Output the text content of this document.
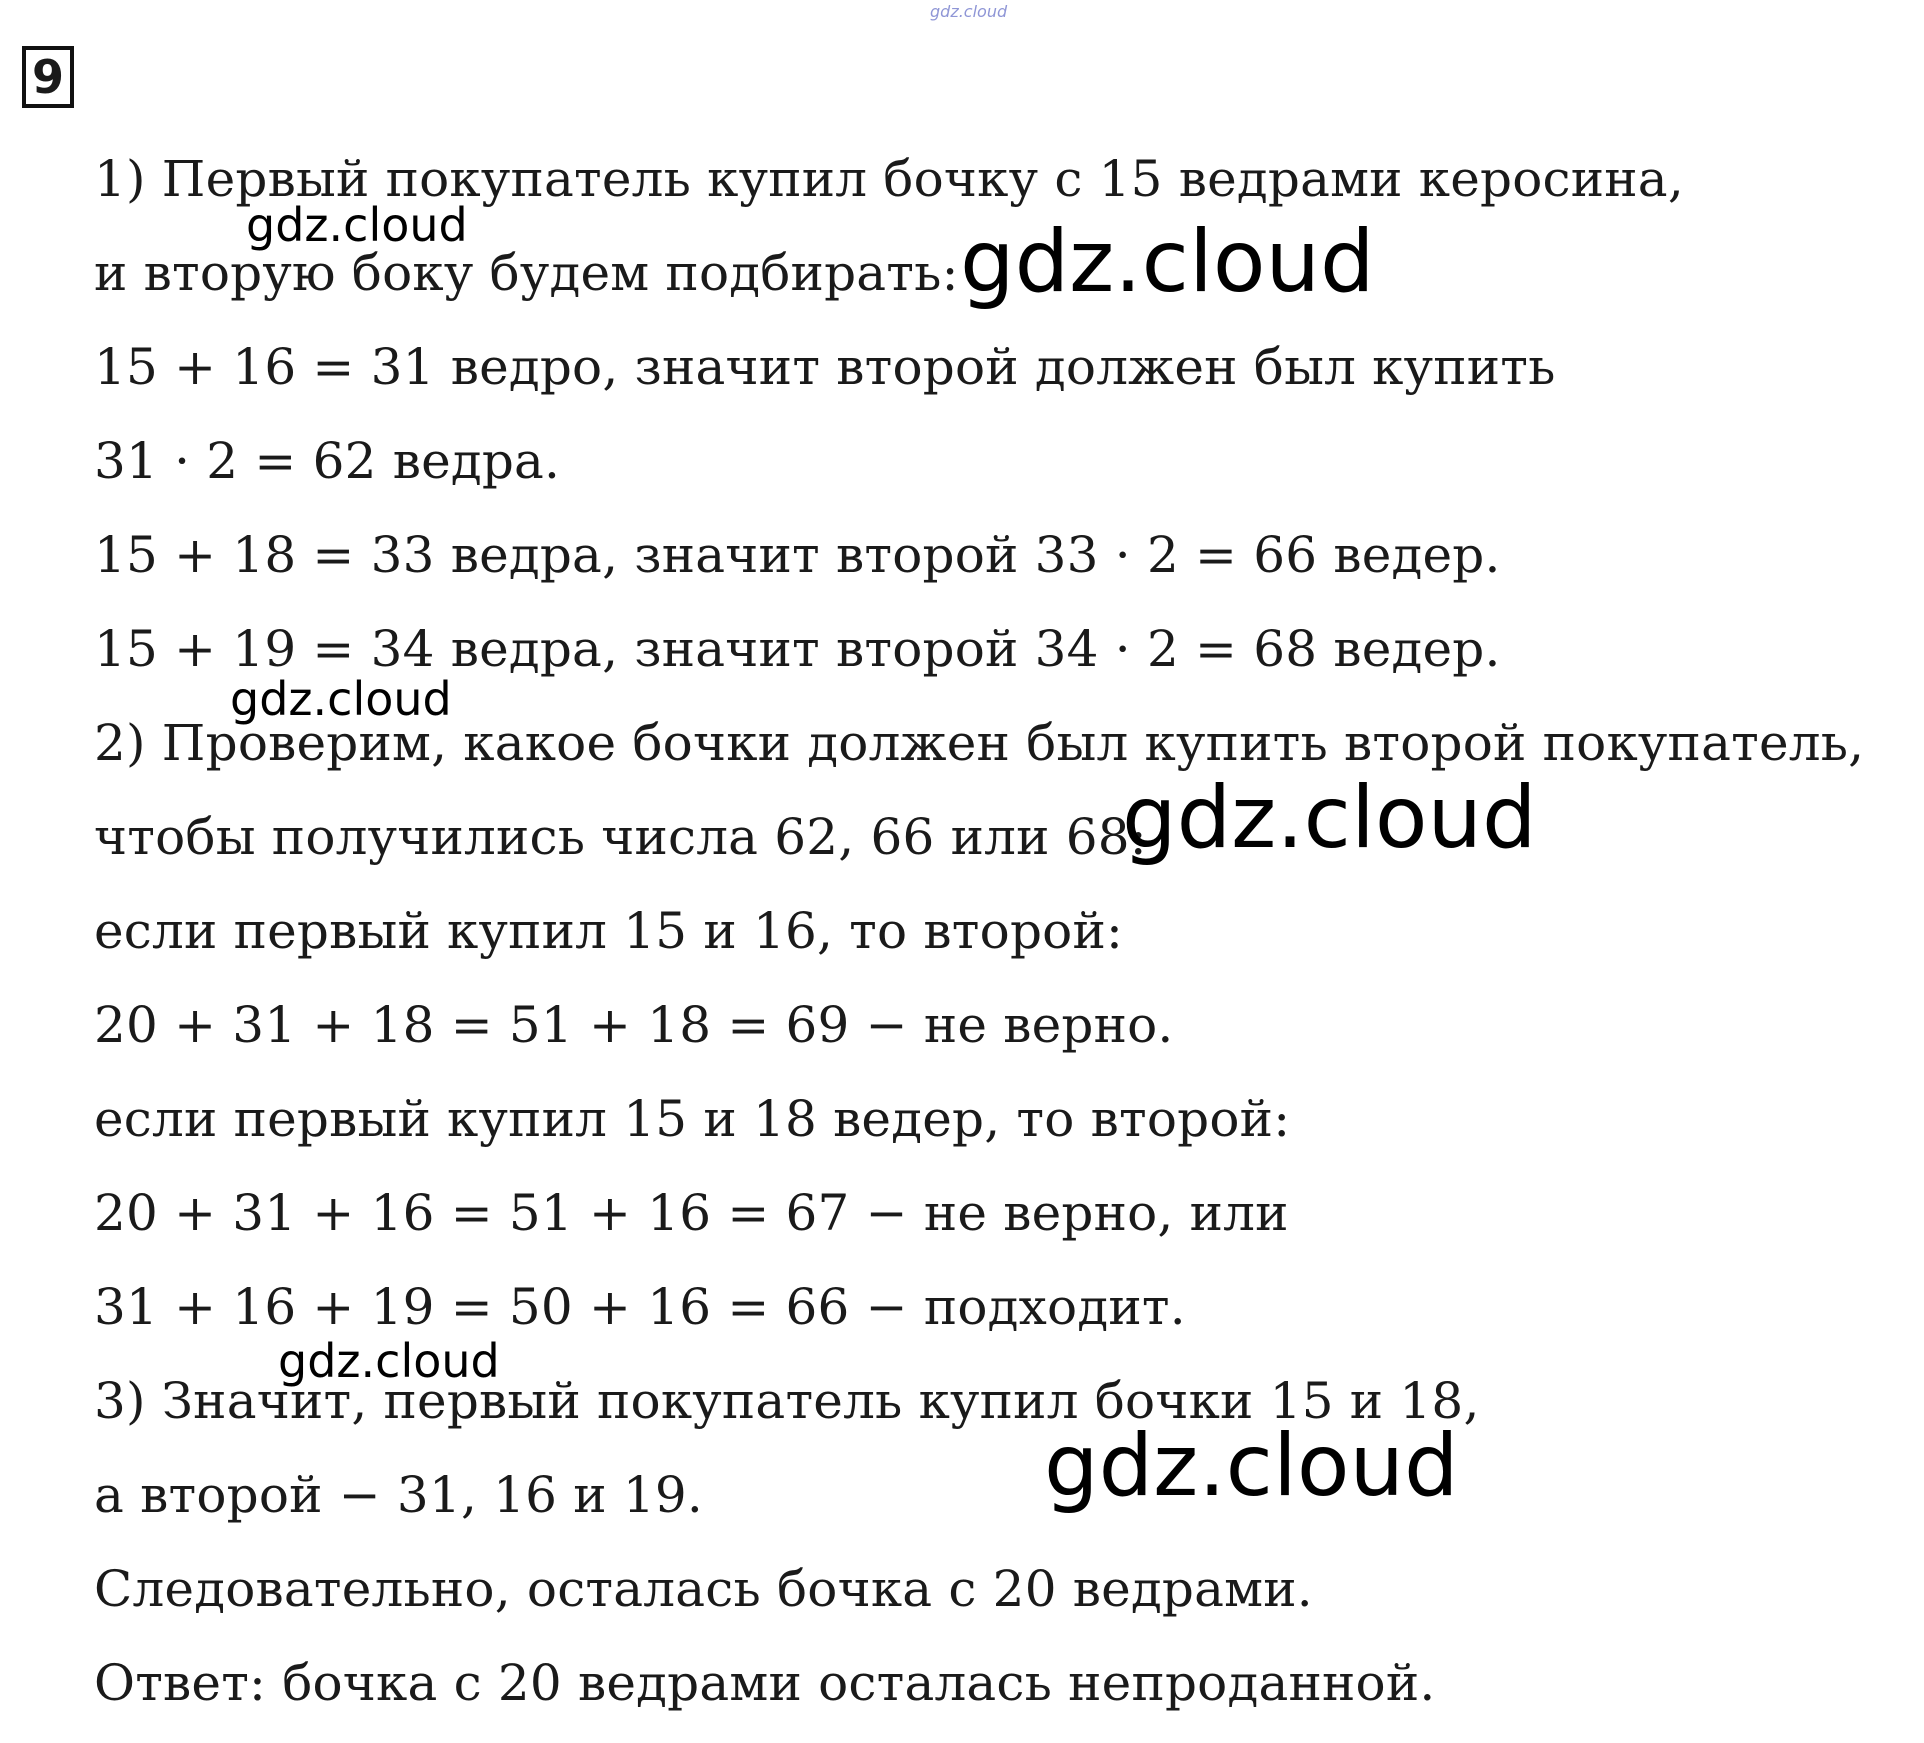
gdz.cloud
9
1) Первый покупатель купил бочку с 15 ведрами керосина,
и вторую боку будем подбирать:
15 + 16 = 31 ведро, значит второй должен был купить
31 · 2 = 62 ведра.
15 + 18 = 33 ведра, значит второй 33 · 2 = 66 ведер.
15 + 19 = 34 ведра, значит второй 34 · 2 = 68 ведер.
2) Проверим, какое бочки должен был купить второй покупатель,
чтобы получились числа 62, 66 или 68:
если первый купил 15 и 16, то второй:
20 + 31 + 18 = 51 + 18 = 69 − не верно.
если первый купил 15 и 18 ведер, то второй:
20 + 31 + 16 = 51 + 16 = 67 − не верно, или
31 + 16 + 19 = 50 + 16 = 66 − подходит.
3) Значит, первый покупатель купил бочки 15 и 18,
а второй − 31, 16 и 19.
Следовательно, осталась бочка с 20 ведрами.
Ответ: бочка с 20 ведрами осталась непроданной.
gdz.cloud	gdz.cloud
gdz.cloud
gdz.cloud
gdz.cloud
gdz.cloud
